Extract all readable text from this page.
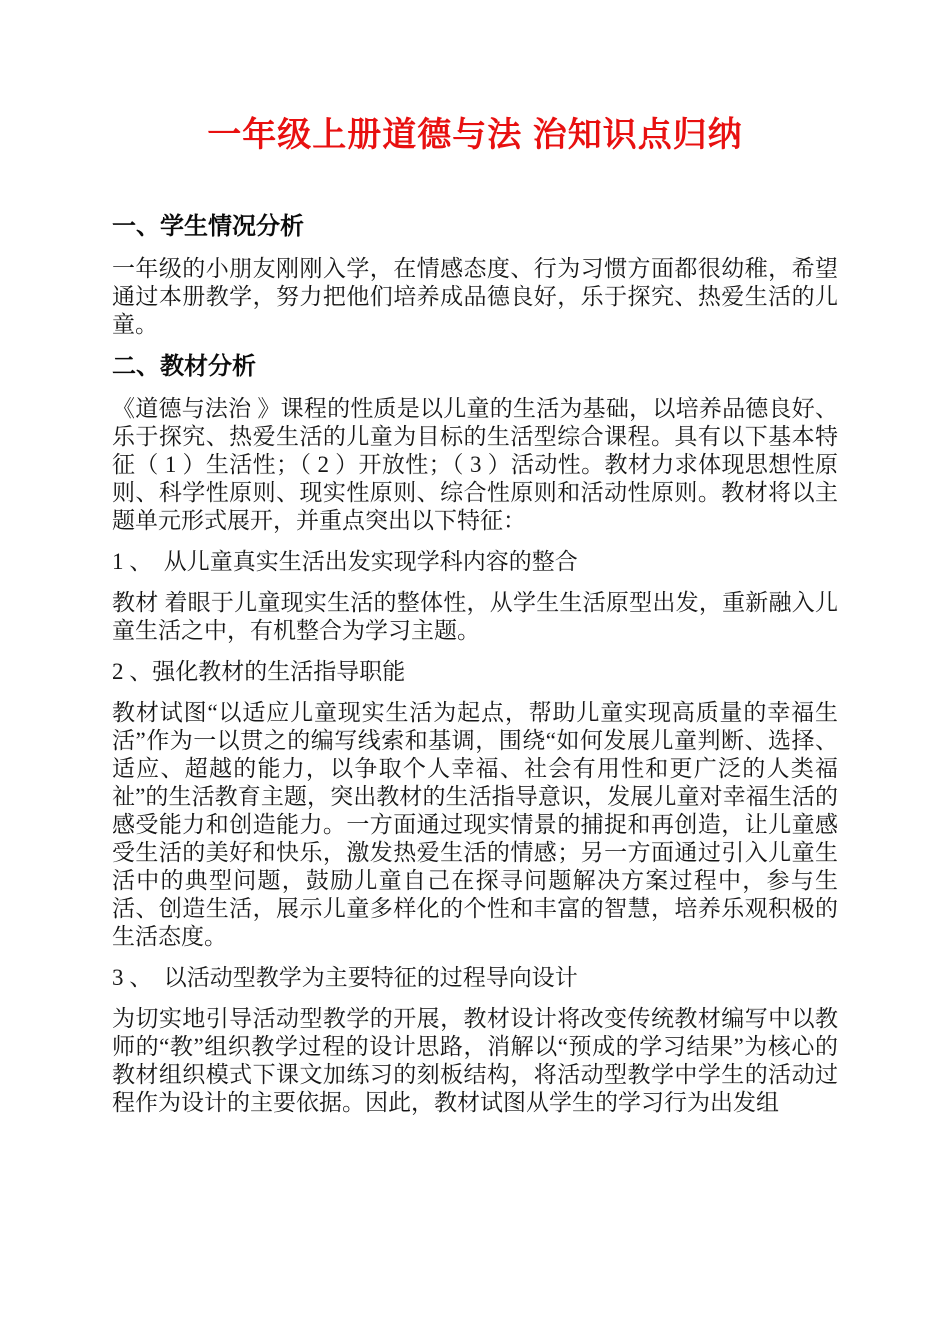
一年级上册道德与法 治知识点归纳
一、学生情况分析
一年级的小朋友刚刚入学，在情感态度、行为习惯方面都很幼稚，希望通过本册教学，努力把他们培养成品德良好，乐于探究、热爱生活的儿童。
二、教材分析
《道德与法治 》课程的性质是以儿童的生活为基础，以培养品德良好、乐于探究、热爱生活的儿童为目标的生活型综合课程。具有以下基本特征（ 1 ）生活性；（ 2 ）开放性；（ 3 ）活动性。教材力求体现思想性原则、科学性原则、现实性原则、综合性原则和活动性原则。教材将以主题单元形式展开，并重点突出以下特征：
1 、　从儿童真实生活出发实现学科内容的整合
教材 着眼于儿童现实生活的整体性，从学生生活原型出发，重新融入儿童生活之中，有机整合为学习主题。
2 、强化教材的生活指导职能
教材试图“以适应儿童现实生活为起点，帮助儿童实现高质量的幸福生活”作为一以贯之的编写线索和基调，围绕“如何发展儿童判断、选择、适应、超越的能力，以争取个人幸福、社会有用性和更广泛的人类福祉”的生活教育主题，突出教材的生活指导意识，发展儿童对幸福生活的感受能力和创造能力。一方面通过现实情景的捕捉和再创造，让儿童感受生活的美好和快乐，激发热爱生活的情感；另一方面通过引入儿童生活中的典型问题，鼓励儿童自己在探寻问题解决方案过程中，参与生活、创造生活，展示儿童多样化的个性和丰富的智慧，培养乐观积极的生活态度。
3 、　以活动型教学为主要特征的过程导向设计
为切实地引导活动型教学的开展，教材设计将改变传统教材编写中以教师的“教”组织教学过程的设计思路，消解以“预成的学习结果”为核心的教材组织模式下课文加练习的刻板结构，将活动型教学中学生的活动过程作为设计的主要依据。因此，教材试图从学生的学习行为出发组
